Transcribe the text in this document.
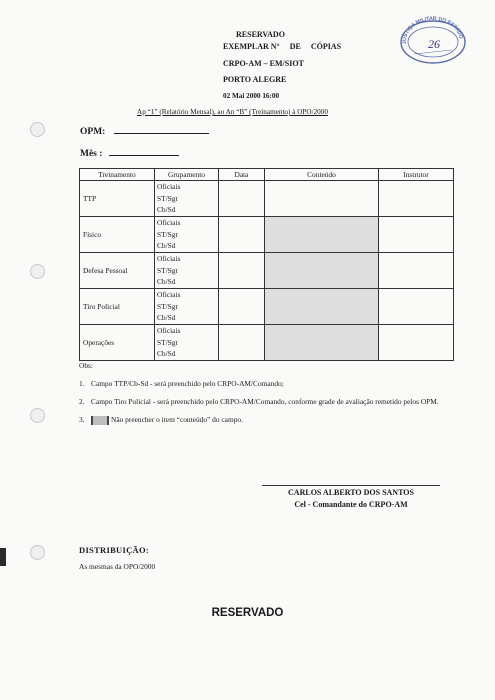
RESERVADO
EXEMPLAR N°     DE     CÓPIAS
CRPO-AM – EM/SIOT
PORTO ALEGRE
02 Mai 2000 16:00
JUSTIÇA MILITAR DO ESTADO
26
Ap “1” (Relatório Mensal), ao An “B” (Treinamento) à OPO/2000
OPM:
Mês :
Treinamento	Grupamento	Data	Conteúdo	Instrutor
TTP	Oficiais
ST/Sgt
Cb/Sd			

Físico	Oficiais
ST/Sgt
Cb/Sd			

Defesa Pessoal	Oficiais
ST/Sgt
Cb/Sd			

Tiro Policial	Oficiais
ST/Sgt
Cb/Sd			

Operações	Oficiais
ST/Sgt
Cb/Sd			

Obs:

1. Campo TTP/Cb-Sd - será preenchido pelo CRPO-AM/Comando;
2. Campo Tiro Policial - será preenchido pelo CRPO-AM/Comando, conforme grade de avaliação remetido pelos OPM.
3.	Não preencher o item “conteúdo” do campo.
CARLOS ALBERTO DOS SANTOS
Cel - Comandante do CRPO-AM
DISTRIBUIÇÃO:
As mesmas da OPO/2000
RESERVADO
